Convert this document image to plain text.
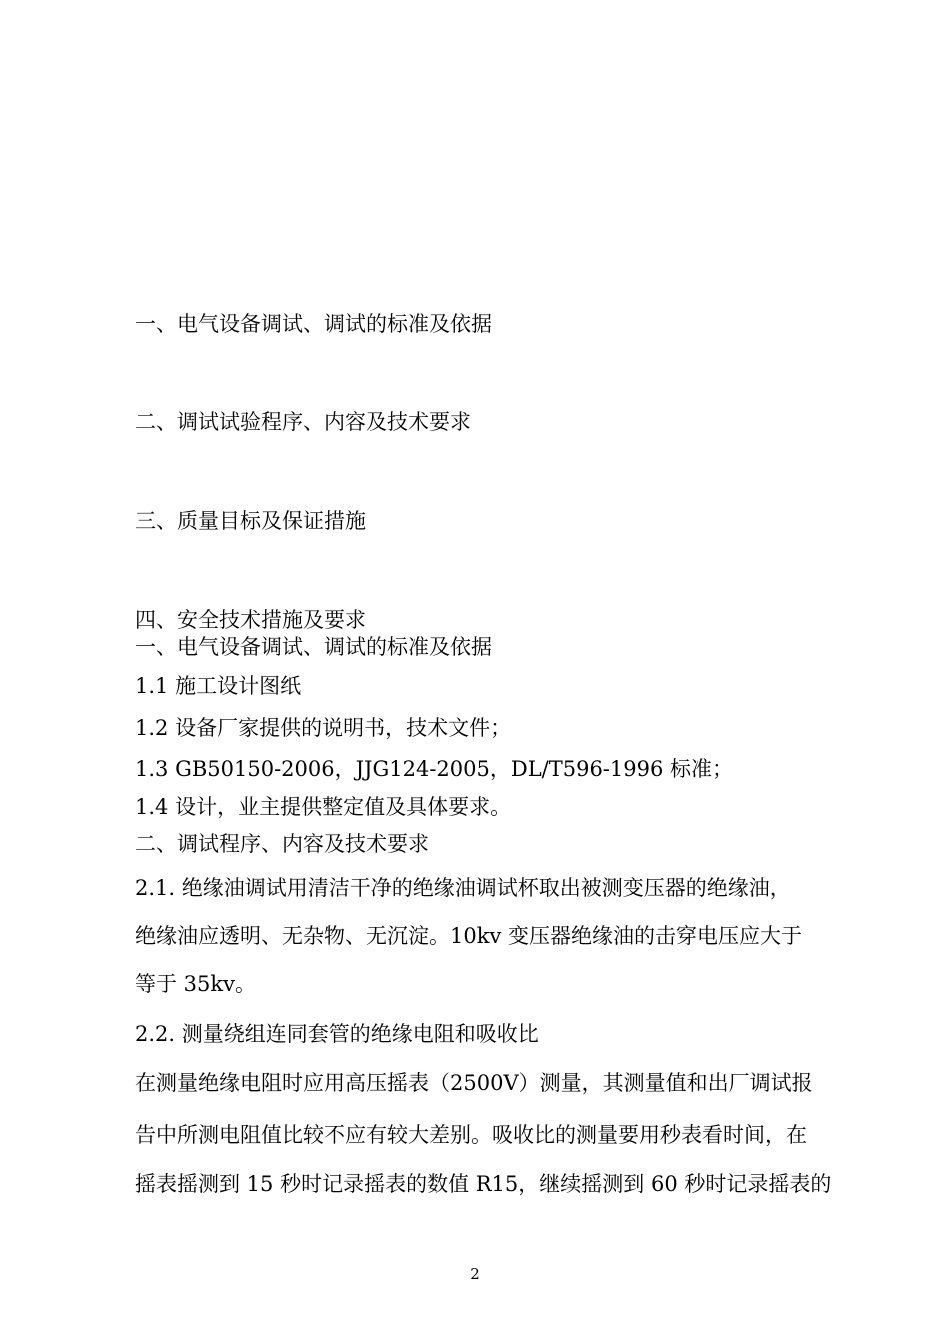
一、电气设备调试、调试的标准及依据

二、调试试验程序、内容及技术要求

三、质量目标及保证措施

四、安全技术措施及要求

一、电气设备调试、调试的标准及依据

1.1 施工设计图纸

1.2 设备厂家提供的说明书，技术文件；

1.3 GB50150-2006，JJG124-2005，DL/T596-1996 标准；

1.4 设计，业主提供整定值及具体要求。

二、调试程序、内容及技术要求

2.1. 绝缘油调试用清洁干净的绝缘油调试杯取出被测变压器的绝缘油，

绝缘油应透明、无杂物、无沉淀。10kv 变压器绝缘油的击穿电压应大于

等于 35kv。

2.2. 测量绕组连同套管的绝缘电阻和吸收比

在测量绝缘电阻时应用高压摇表（2500V）测量，其测量值和出厂调试报

告中所测电阻值比较不应有较大差别。吸收比的测量要用秒表看时间，在

摇表摇测到 15 秒时记录摇表的数值 R15，继续摇测到 60 秒时记录摇表的

2
